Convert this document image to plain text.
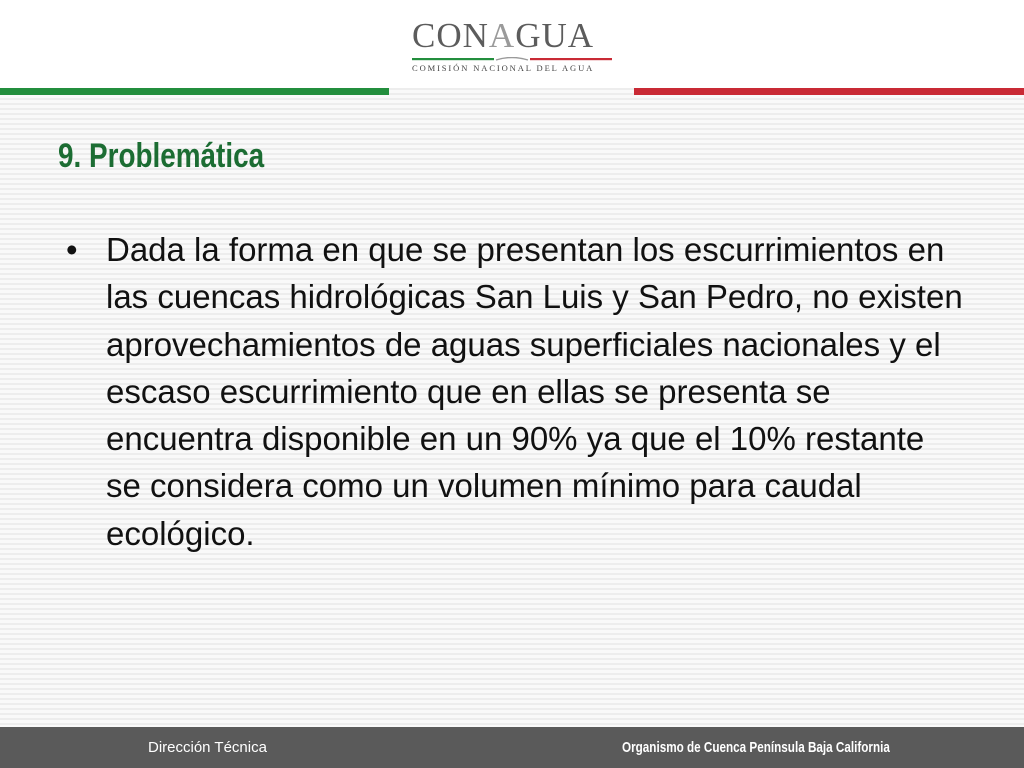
CONAGUA
COMISIÓN NACIONAL DEL AGUA
9. Problemática
• Dada la forma en que se presentan los escurrimientos en las cuencas hidrológicas San Luis y San Pedro, no existen aprovechamientos de aguas superficiales nacionales y el escaso escurrimiento que en ellas se presenta se encuentra disponible en un 90% ya que el 10% restante se considera como un volumen mínimo para caudal ecológico.
Dirección Técnica	Organismo de Cuenca Península Baja California
